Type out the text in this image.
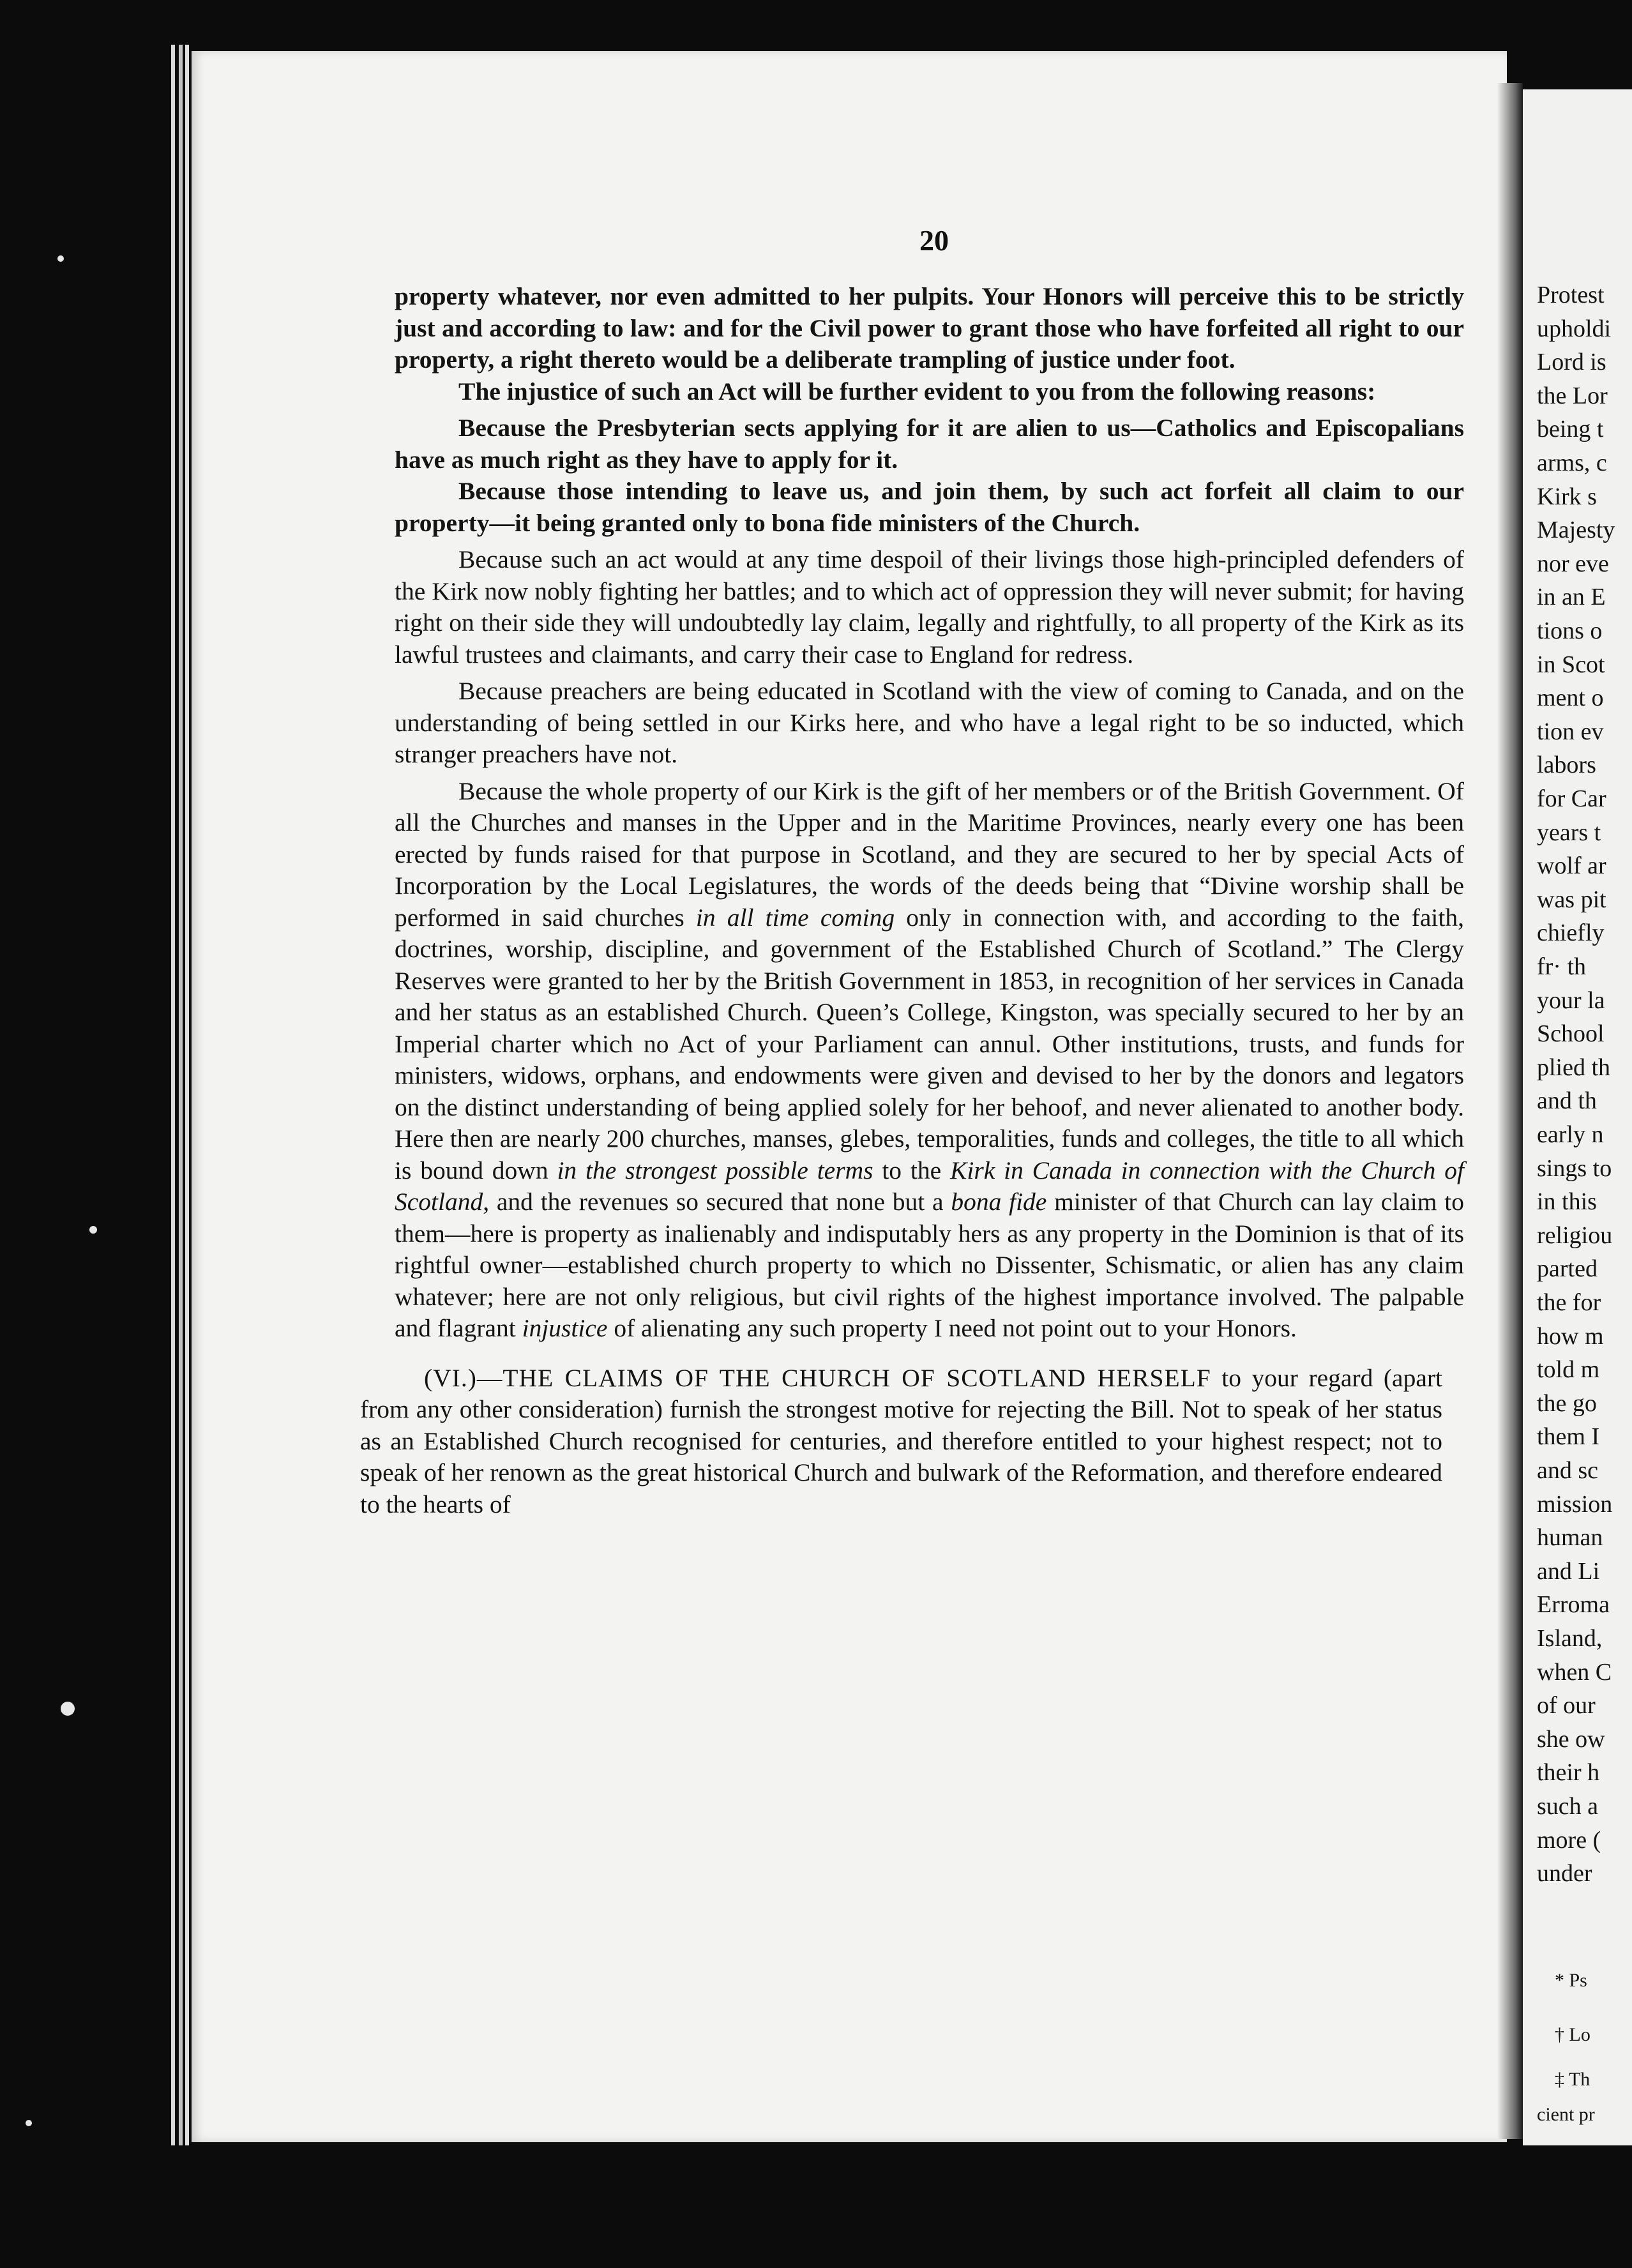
20

property whatever, nor even admitted to her pulpits. Your Honors will perceive this to be strictly just and according to law: and for the Civil power to grant those who have forfeited all right to our property, a right thereto would be a deliberate trampling of justice under foot.

The injustice of such an Act will be further evident to you from the following reasons:

Because the Presbyterian sects applying for it are alien to us—Catholics and Episcopalians have as much right as they have to apply for it.

Because those intending to leave us, and join them, by such act forfeit all claim to our property—it being granted only to bona fide ministers of the Church.

Because such an act would at any time despoil of their livings those high-principled defenders of the Kirk now nobly fighting her battles; and to which act of oppression they will never submit; for having right on their side they will undoubtedly lay claim, legally and rightfully, to all property of the Kirk as its lawful trustees and claimants, and carry their case to England for redress.

Because preachers are being educated in Scotland with the view of coming to Canada, and on the understanding of being settled in our Kirks here, and who have a legal right to be so inducted, which stranger preachers have not.

Because the whole property of our Kirk is the gift of her members or of the British Government. Of all the Churches and manses in the Upper and in the Maritime Provinces, nearly every one has been erected by funds raised for that purpose in Scotland, and they are secured to her by special Acts of Incorporation by the Local Legislatures, the words of the deeds being that “Divine worship shall be performed in said churches in all time coming only in connection with, and according to the faith, doctrines, worship, discipline, and government of the Established Church of Scotland.” The Clergy Reserves were granted to her by the British Government in 1853, in recognition of her services in Canada and her status as an established Church. Queen’s College, Kingston, was specially secured to her by an Imperial charter which no Act of your Parliament can annul. Other institutions, trusts, and funds for ministers, widows, orphans, and endowments were given and devised to her by the donors and legators on the distinct understanding of being applied solely for her behoof, and never alienated to another body. Here then are nearly 200 churches, manses, glebes, temporalities, funds and colleges, the title to all which is bound down in the strongest possible terms to the Kirk in Canada in connection with the Church of Scotland, and the revenues so secured that none but a bona fide minister of that Church can lay claim to them—here is property as inalienably and indisputably hers as any property in the Dominion is that of its rightful owner—established church property to which no Dissenter, Schismatic, or alien has any claim whatever; here are not only religious, but civil rights of the highest importance involved. The palpable and flagrant injustice of alienating any such property I need not point out to your Honors.

(VI.)—THE CLAIMS OF THE CHURCH OF SCOTLAND HERSELF to your regard (apart from any other consideration) furnish the strongest motive for rejecting the Bill. Not to speak of her status as an Established Church recognised for centuries, and therefore entitled to your highest respect; not to speak of her renown as the great historical Church and bulwark of the Reformation, and therefore endeared to the hearts of

Protest
upholdi
Lord is
the Lor
being t
arms, c
Kirk s
Majesty
nor eve
in an E
tions o
in Scot
ment o
tion ev
labors
for Car
years t
wolf ar
was pit
chiefly
fr· th
your la
School
plied th
and th
early n
sings to
in this
religiou
parted
the for
how m
told m
the go
them I
and sc
mission
human
and Li
Erroma
Island,
when C
of our
she ow
their h
such a
more (
under
* Ps
† Lo
‡ Th
cient pr
